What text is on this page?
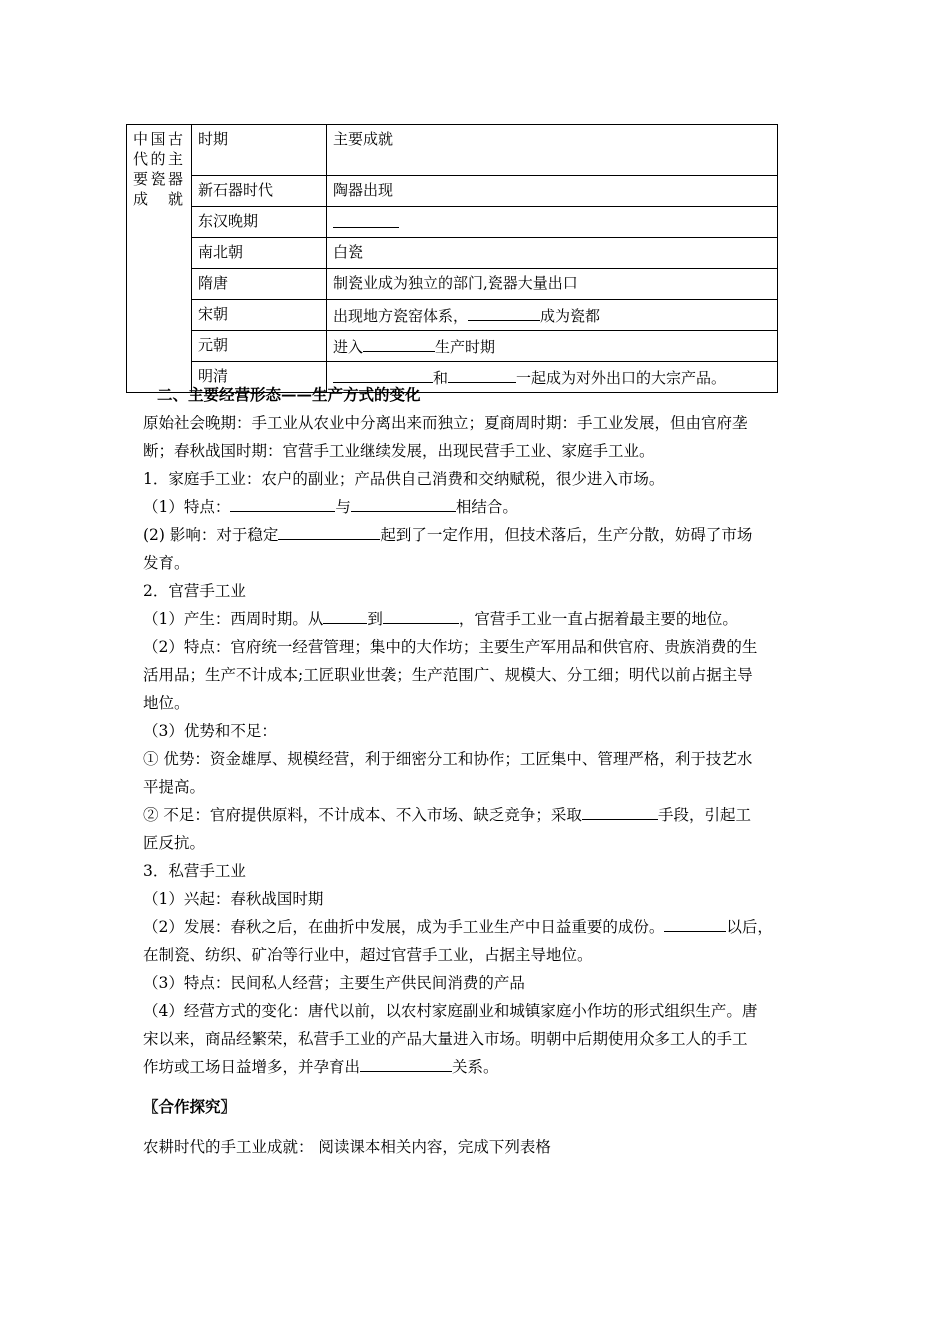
中国古代的主要瓷器成就	时期	主要成就
	新石器时代	陶器出现
	东汉晚期	
	南北朝	白瓷
	隋唐	制瓷业成为独立的部门,瓷器大量出口
	宋朝	出现地方瓷窑体系， 成为瓷都
	元朝	进入 生产时期
	明清	和 一起成为对外出口的大宗产品。
二、主要经营形态——生产方式的变化
原始社会晚期：手工业从农业中分离出来而独立；夏商周时期：手工业发展，但由官府垄
断；春秋战国时期：官营手工业继续发展，出现民营手工业、家庭手工业。
1．家庭手工业：农户的副业；产品供自己消费和交纳赋税，很少进入市场。
（1）特点：	与	相结合。
(2) 影响：对于稳定	起到了一定作用，但技术落后，生产分散，妨碍了市场
发育。
2．官营手工业
（1）产生：西周时期。从	到	，官营手工业一直占据着最主要的地位。
（2）特点：官府统一经营管理；集中的大作坊；主要生产军用品和供官府、贵族消费的生
活用品；生产不计成本;工匠职业世袭；生产范围广、规模大、分工细；明代以前占据主导
地位。
（3）优势和不足：
① 优势：资金雄厚、规模经营，利于细密分工和协作；工匠集中、管理严格，利于技艺水
平提高。
② 不足：官府提供原料，不计成本、不入市场、缺乏竞争；采取	手段，引起工
匠反抗。
3．私营手工业
（1）兴起：春秋战国时期
（2）发展：春秋之后，在曲折中发展，成为手工业生产中日益重要的成份。	以后，
在制瓷、纺织、矿冶等行业中，超过官营手工业，占据主导地位。
（3）特点：民间私人经营；主要生产供民间消费的产品
（4）经营方式的变化：唐代以前，以农村家庭副业和城镇家庭小作坊的形式组织生产。唐
宋以来，商品经繁荣，私营手工业的产品大量进入市场。明朝中后期使用众多工人的手工
作坊或工场日益增多，并孕育出	关系。
〖合作探究〗
农耕时代的手工业成就： 阅读课本相关内容，完成下列表格
